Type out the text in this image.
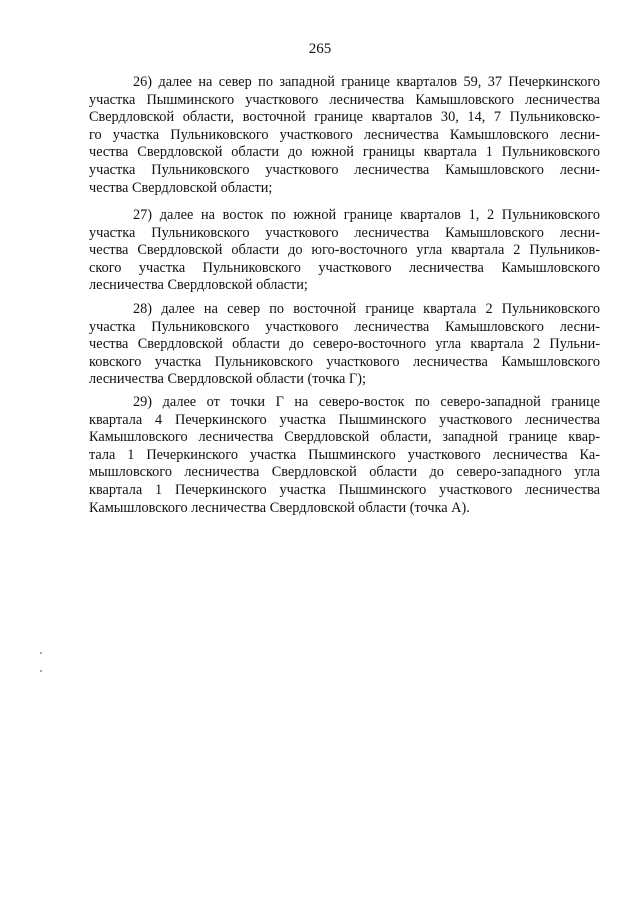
265
26) далее на север по западной границе кварталов 59, 37 Печеркинского
участка Пышминского участкового лесничества Камышловского лесничества
Свердловской области, восточной границе кварталов 30, 14, 7 Пульниковско-
го участка Пульниковского участкового лесничества Камышловского лесни-
чества Свердловской области до южной границы квартала 1 Пульниковского
участка Пульниковского участкового лесничества Камышловского лесни-
чества Свердловской области;
27) далее на восток по южной границе кварталов 1, 2 Пульниковского
участка Пульниковского участкового лесничества Камышловского лесни-
чества Свердловской области до юго-восточного угла квартала 2 Пульников-
ского участка Пульниковского участкового лесничества Камышловского
лесничества Свердловской области;
28) далее на север по восточной границе квартала 2 Пульниковского
участка Пульниковского участкового лесничества Камышловского лесни-
чества Свердловской области до северо-восточного угла квартала 2 Пульни-
ковского участка Пульниковского участкового лесничества Камышловского
лесничества Свердловской области (точка Г);
29) далее от точки Г на северо-восток по северо-западной границе
квартала 4 Печеркинского участка Пышминского участкового лесничества
Камышловского лесничества Свердловской области, западной границе квар-
тала 1 Печеркинского участка Пышминского участкового лесничества Ка-
мышловского лесничества Свердловской области до северо-западного угла
квартала 1 Печеркинского участка Пышминского участкового лесничества
Камышловского лесничества Свердловской области (точка А).
